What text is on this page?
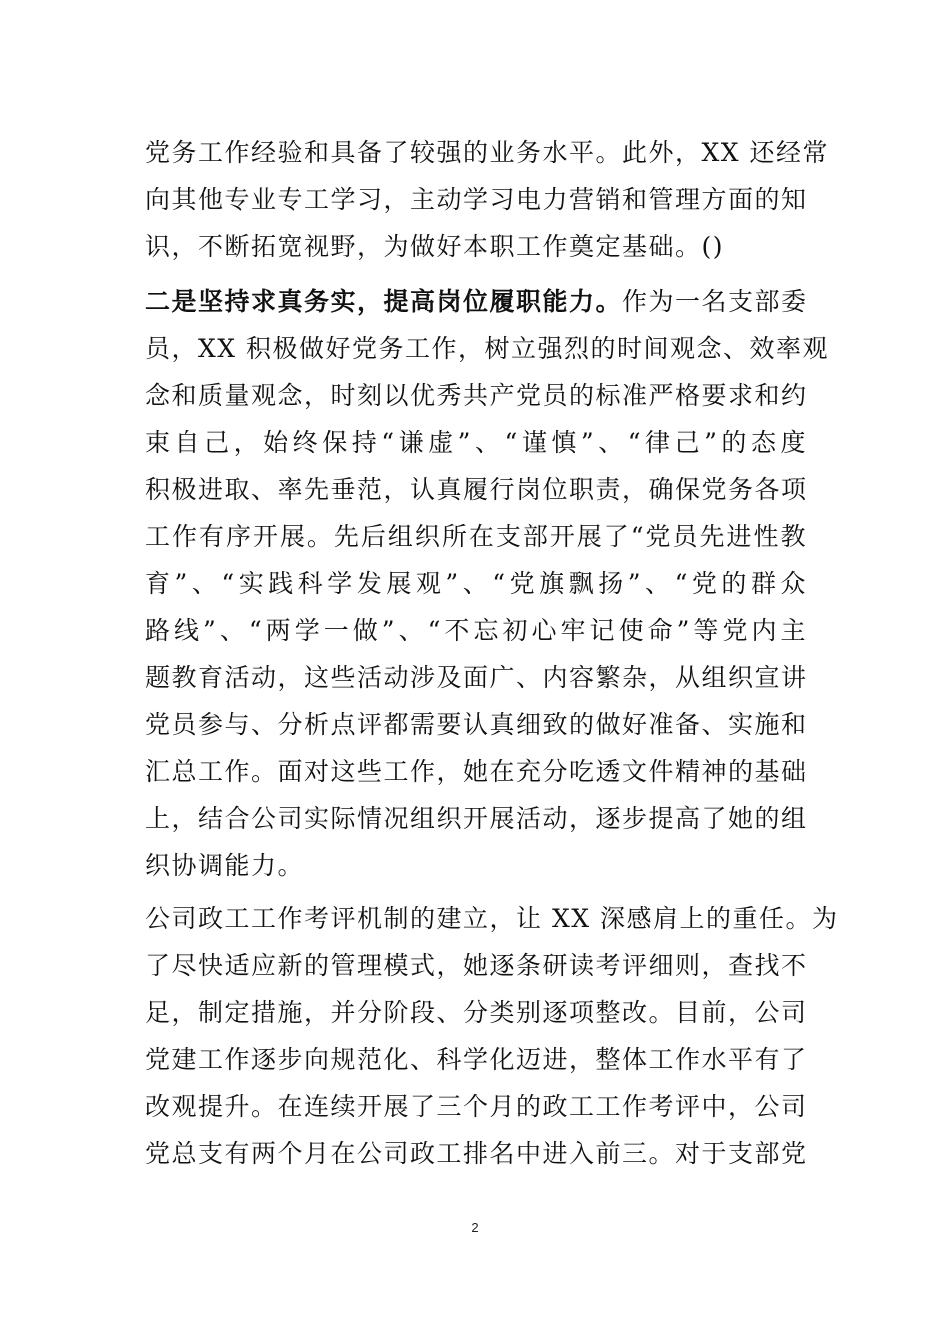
党务工作经验和具备了较强的业务水平。此外，XX 还经常
向其他专业专工学习，主动学习电力营销和管理方面的知
识，不断拓宽视野，为做好本职工作奠定基础。()
二是坚持求真务实，提高岗位履职能力。作为一名支部委
员，XX 积极做好党务工作，树立强烈的时间观念、效率观
念和质量观念，时刻以优秀共产党员的标准严格要求和约
束自己，始终保持“谦虚”、“谨慎”、“律己”的态度
积极进取、率先垂范，认真履行岗位职责，确保党务各项
工作有序开展。先后组织所在支部开展了“党员先进性教
育”、“实践科学发展观”、“党旗飘扬”、“党的群众
路线”、“两学一做”、“不忘初心牢记使命”等党内主
题教育活动，这些活动涉及面广、内容繁杂，从组织宣讲
党员参与、分析点评都需要认真细致的做好准备、实施和
汇总工作。面对这些工作，她在充分吃透文件精神的基础
上，结合公司实际情况组织开展活动，逐步提高了她的组
织协调能力。
公司政工工作考评机制的建立，让 XX 深感肩上的重任。为
了尽快适应新的管理模式，她逐条研读考评细则，查找不
足，制定措施，并分阶段、分类别逐项整改。目前，公司
党建工作逐步向规范化、科学化迈进，整体工作水平有了
改观提升。在连续开展了三个月的政工工作考评中，公司
党总支有两个月在公司政工排名中进入前三。对于支部党
2
